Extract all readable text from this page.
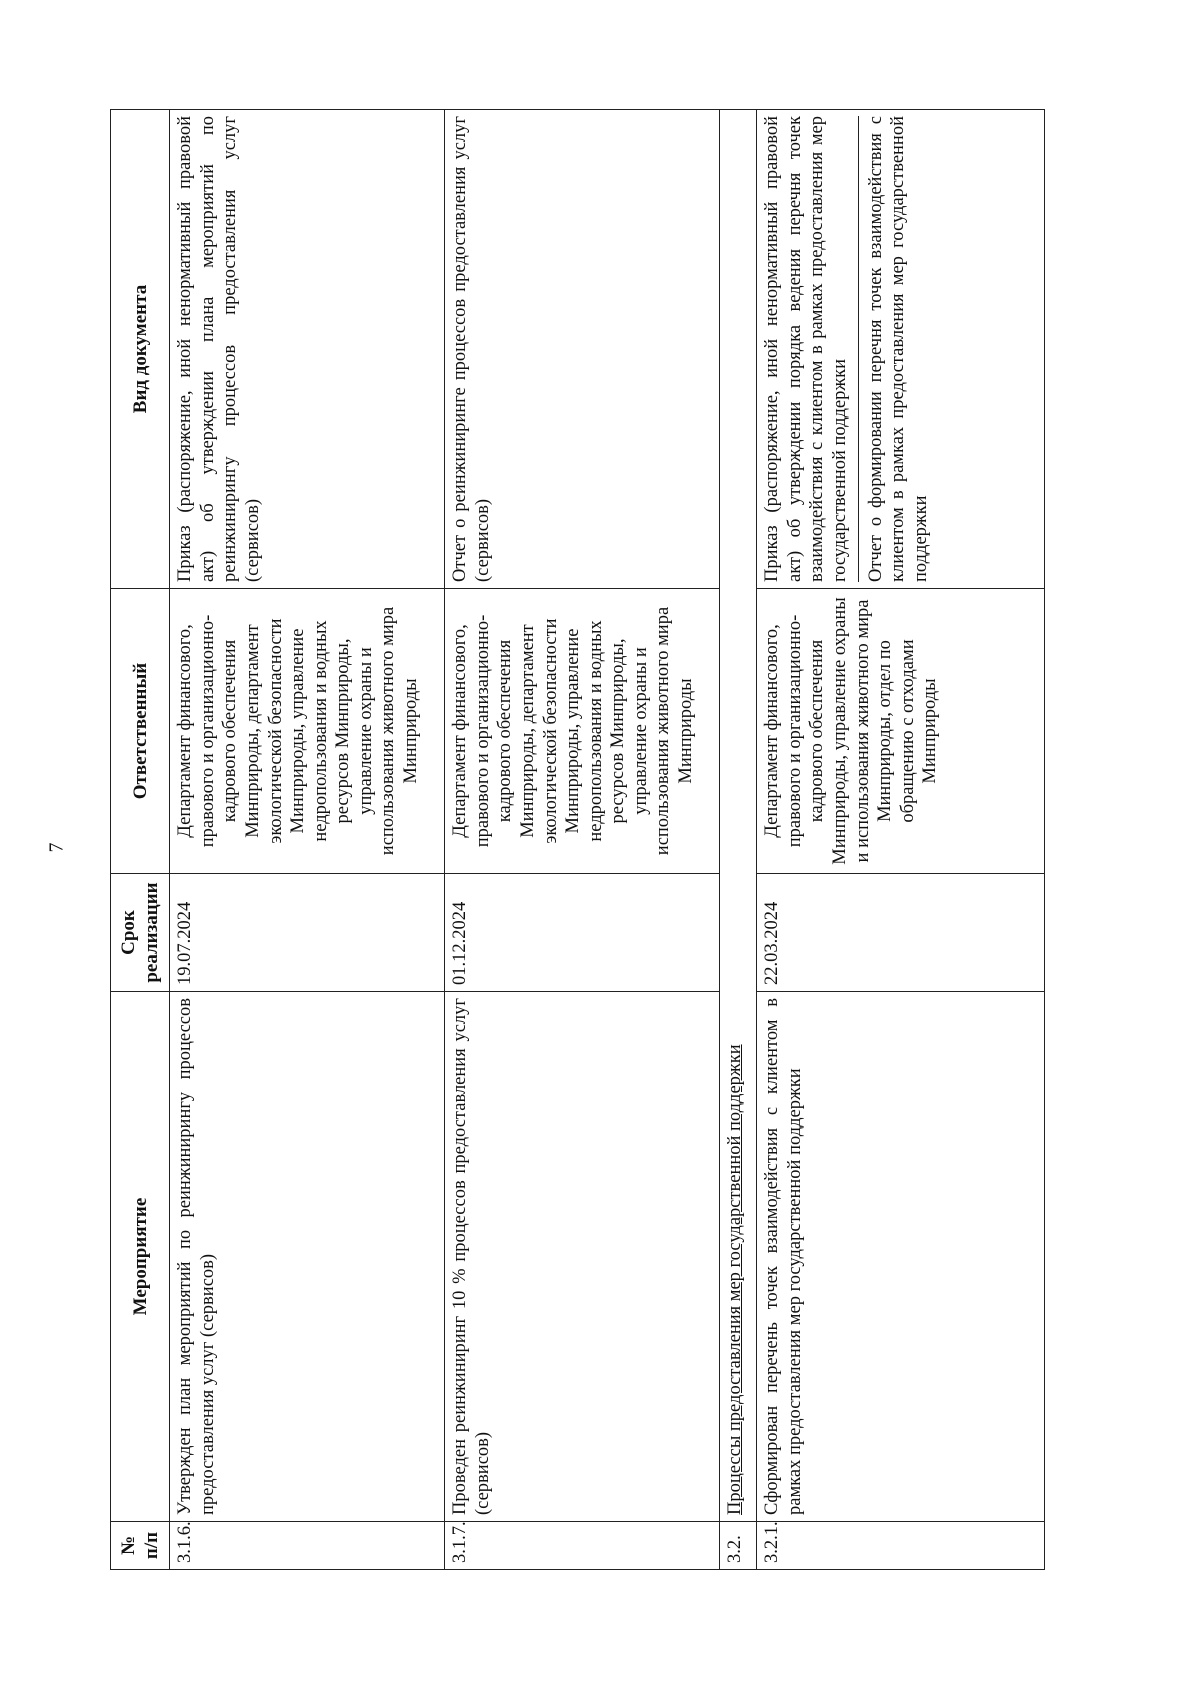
7
№ п/п	Мероприятие	Срок реализации	Ответственный	Вид документа
3.1.6.	Утвержден план мероприятий по реинжинирингу процессов предоставления услуг (сервисов)	19.07.2024	Департамент финансового, правового и организационно-кадрового обеспечения Минприроды, департамент экологической безопасности Минприроды, управление недропользования и водных ресурсов Минприроды, управление охраны и использования животного мира Минприроды	Приказ (распоряжение, иной ненормативный правовой акт) об утверждении плана мероприятий по реинжинирингу процессов предоставления услуг (сервисов)
3.1.7.	Проведен реинжиниринг 10 % процессов предоставления услуг (сервисов)	01.12.2024	Департамент финансового, правового и организационно-кадрового обеспечения Минприроды, департамент экологической безопасности Минприроды, управление недропользования и водных ресурсов Минприроды, управление охраны и использования животного мира Минприроды	Отчет о реинжиниринге процессов предоставления услуг (сервисов)
3.2.	Процессы предоставления мер государственной поддержки			
3.2.1.	Сформирован перечень точек взаимодействия с клиентом в рамках предоставления мер государственной поддержки	22.03.2024	Департамент финансового, правового и организационно-кадрового обеспечения Минприроды, управление охраны и использования животного мира Минприроды, отдел по обращению с отходами Минприроды	Приказ (распоряжение, иной ненормативный правовой акт) об утверждении порядка ведения перечня точек взаимодействия с клиентом в рамках предоставления мер государственной поддержки Отчет о формировании перечня точек взаимодействия с клиентом в рамках предоставления мер государственной поддержки
